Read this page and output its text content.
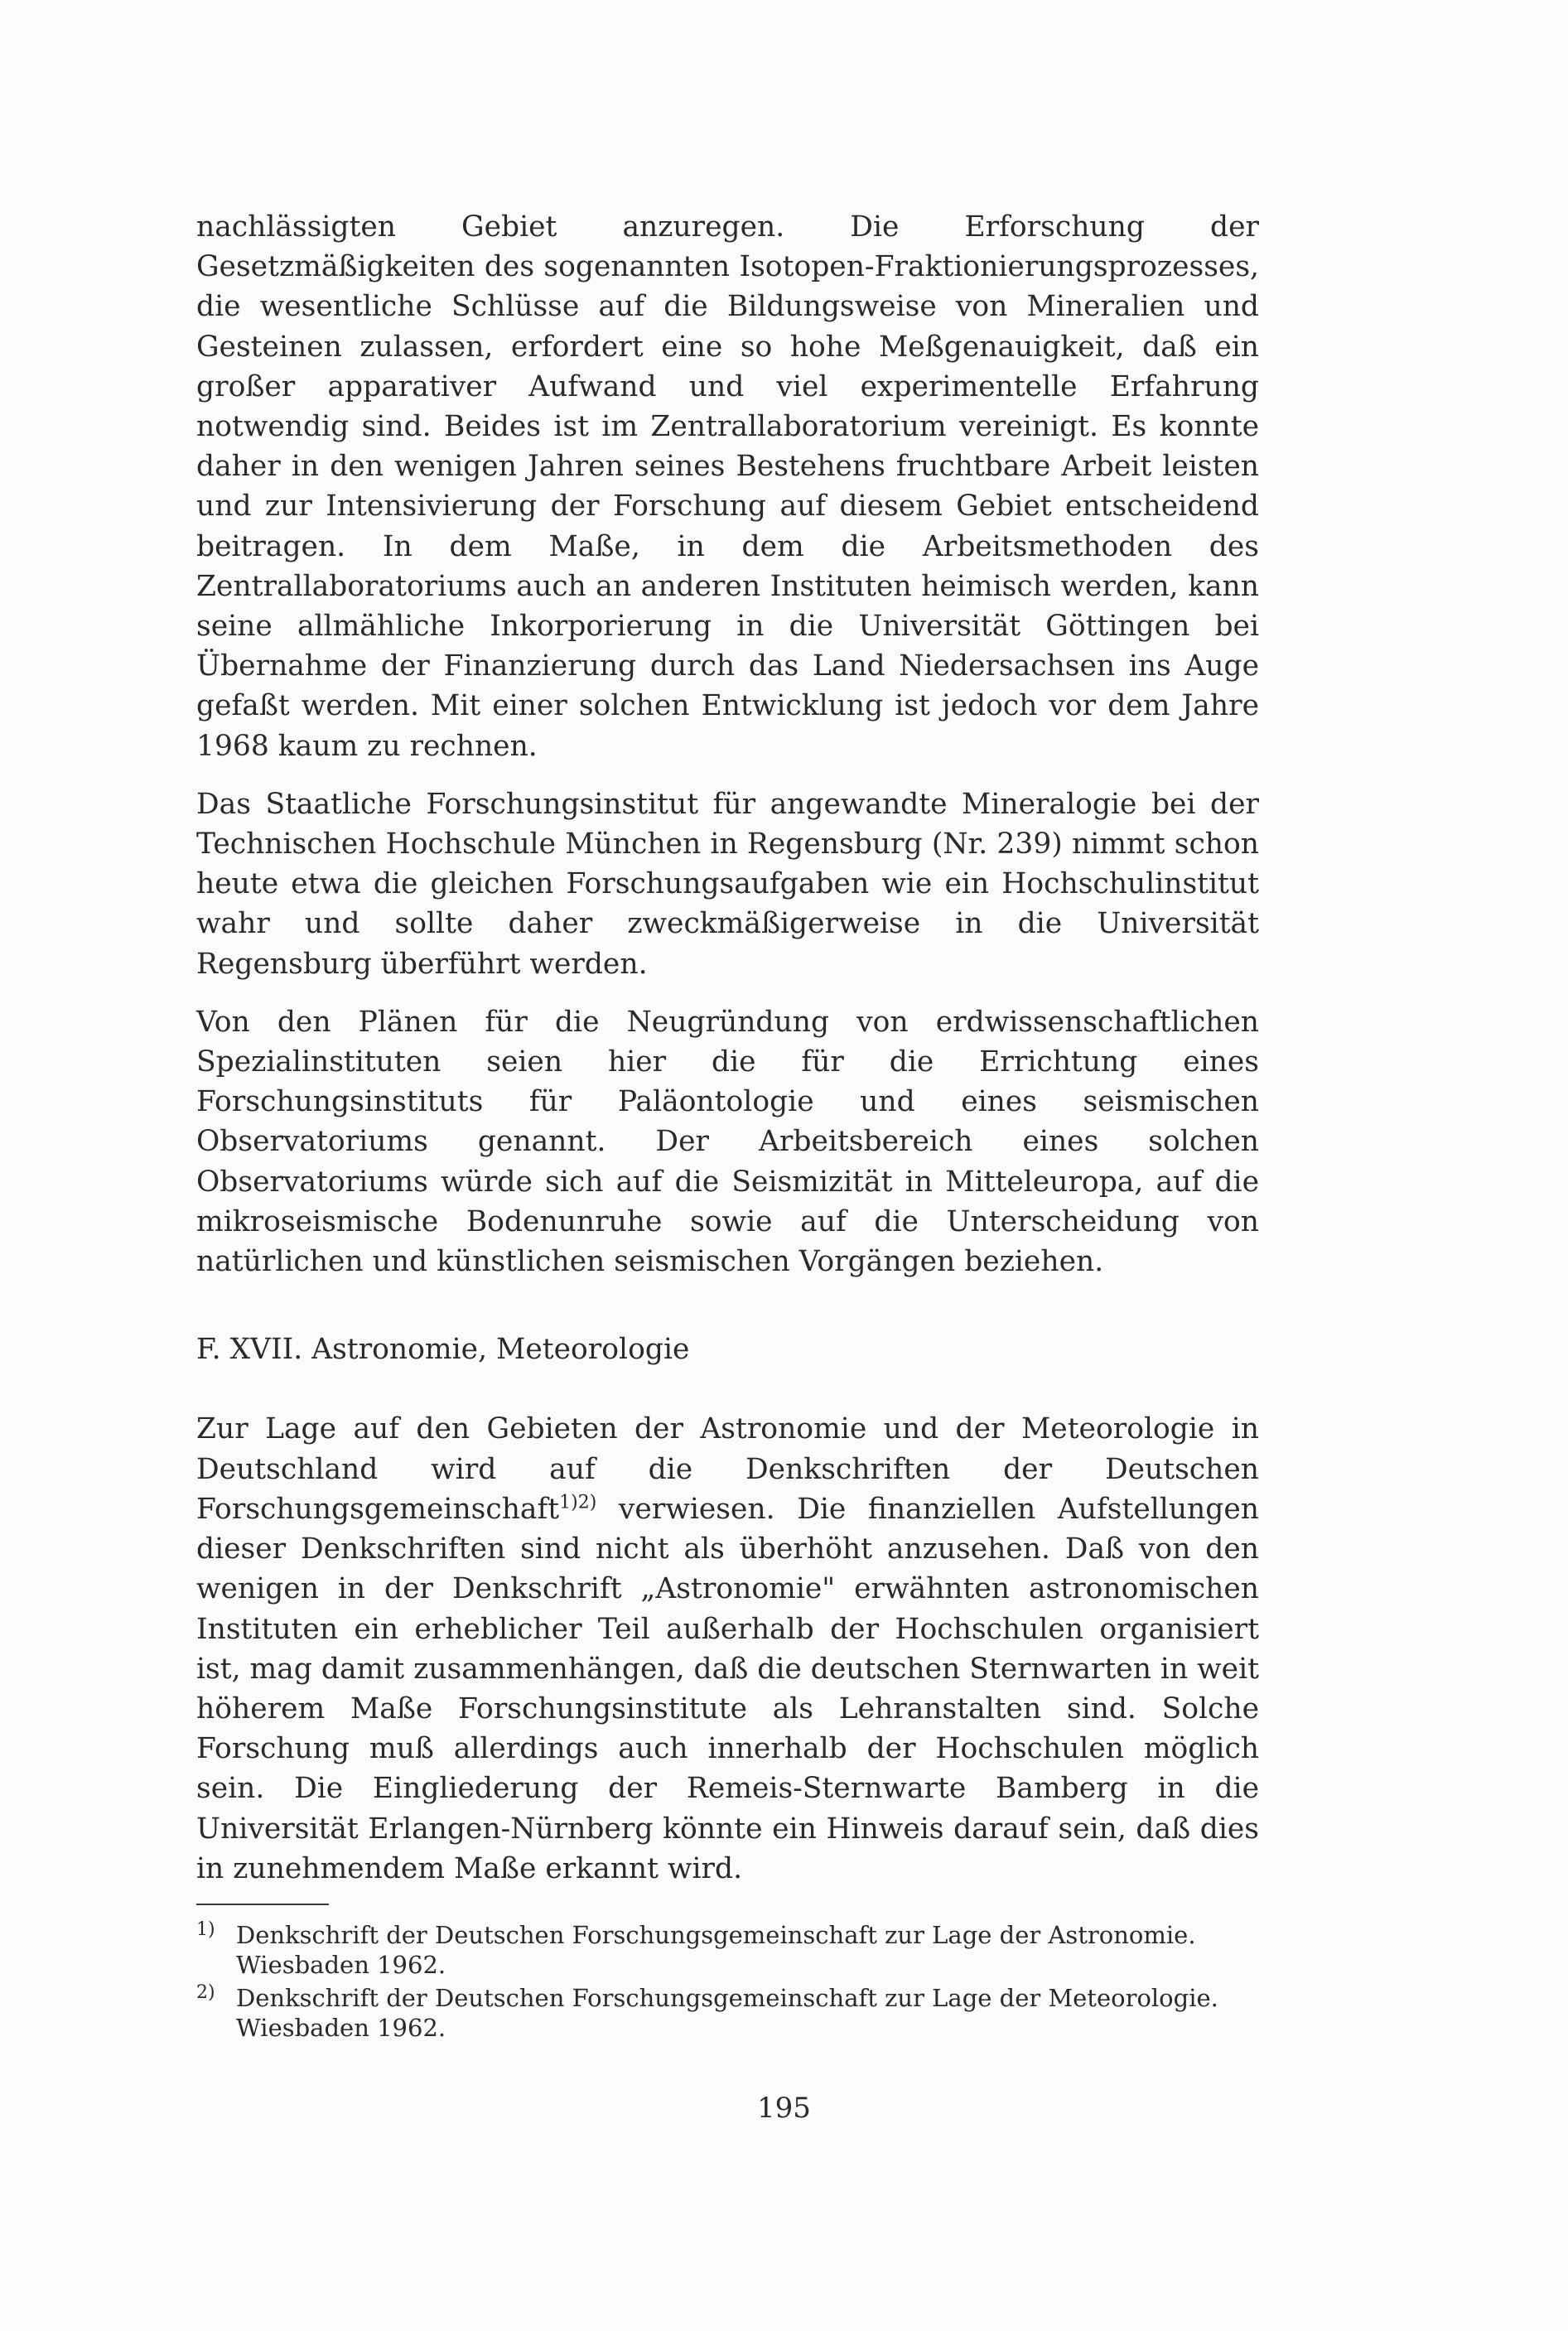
nachlässigten Gebiet anzuregen. Die Erforschung der Gesetzmäßigkeiten des sogenannten Isotopen-Fraktionierungsprozesses, die wesentliche Schlüsse auf die Bildungsweise von Mineralien und Gesteinen zulassen, erfordert eine so hohe Meßgenauigkeit, daß ein großer apparativer Aufwand und viel experimentelle Erfahrung notwendig sind. Beides ist im Zentrallaboratorium vereinigt. Es konnte daher in den wenigen Jahren seines Bestehens fruchtbare Arbeit leisten und zur Intensivierung der Forschung auf diesem Gebiet entscheidend beitragen. In dem Maße, in dem die Arbeitsmethoden des Zentrallaboratoriums auch an anderen Instituten heimisch werden, kann seine allmähliche Inkorporierung in die Universität Göttingen bei Übernahme der Finanzierung durch das Land Niedersachsen ins Auge gefaßt werden. Mit einer solchen Entwicklung ist jedoch vor dem Jahre 1968 kaum zu rechnen.

Das Staatliche Forschungsinstitut für angewandte Mineralogie bei der Technischen Hochschule München in Regensburg (Nr. 239) nimmt schon heute etwa die gleichen Forschungsaufgaben wie ein Hochschulinstitut wahr und sollte daher zweckmäßigerweise in die Universität Regensburg überführt werden.

Von den Plänen für die Neugründung von erdwissenschaftlichen Spezialinstituten seien hier die für die Errichtung eines Forschungsinstituts für Paläontologie und eines seismischen Observatoriums genannt. Der Arbeitsbereich eines solchen Observatoriums würde sich auf die Seismizität in Mitteleuropa, auf die mikroseismische Bodenunruhe sowie auf die Unterscheidung von natürlichen und künstlichen seismischen Vorgängen beziehen.

F. XVII. Astronomie, Meteorologie

Zur Lage auf den Gebieten der Astronomie und der Meteorologie in Deutschland wird auf die Denkschriften der Deutschen Forschungsgemeinschaft$^{1)2)}$ verwiesen. Die finanziellen Aufstellungen dieser Denkschriften sind nicht als überhöht anzusehen. Daß von den wenigen in der Denkschrift „Astronomie" erwähnten astronomischen Instituten ein erheblicher Teil außerhalb der Hochschulen organisiert ist, mag damit zusammenhängen, daß die deutschen Sternwarten in weit höherem Maße Forschungsinstitute als Lehranstalten sind. Solche Forschung muß allerdings auch innerhalb der Hochschulen möglich sein. Die Eingliederung der Remeis-Sternwarte Bamberg in die Universität Erlangen-Nürnberg könnte ein Hinweis darauf sein, daß dies in zunehmendem Maße erkannt wird.

1) Denkschrift der Deutschen Forschungsgemeinschaft zur Lage der Astronomie. Wiesbaden 1962.
2) Denkschrift der Deutschen Forschungsgemeinschaft zur Lage der Meteorologie. Wiesbaden 1962.
195
